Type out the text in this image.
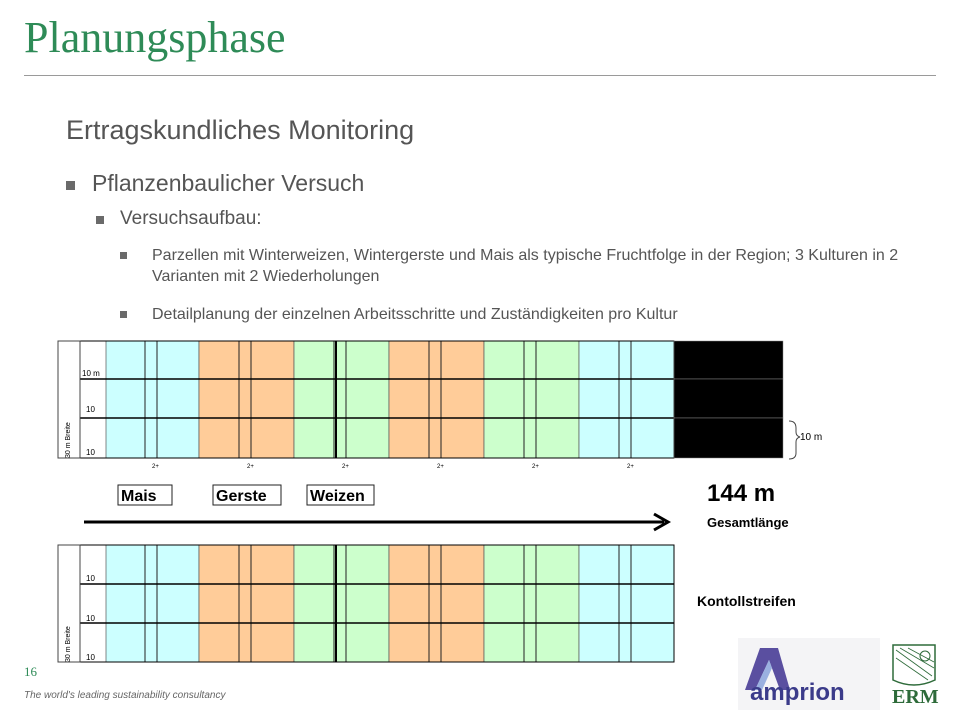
Planungsphase
Ertragskundliches Monitoring
Pflanzenbaulicher Versuch
Versuchsaufbau:
Parzellen mit Winterweizen, Wintergerste und Mais als typische Fruchtfolge in der Region; 3 Kulturen in 2 Varianten mit 2 Wiederholungen
Detailplanung der einzelnen Arbeitsschritte und Zuständigkeiten pro Kultur
Erdkabel
Baustrasse
Erdkabel	10 m
30 m Breite
10 m
10
10
2+	2+	2+	2+	2+	2+
Mais	Gerste	Weizen	144 m
Gesamtlänge
30 m Breite
10
10
10
Kontollstreifen
amprion ERM
16
The world's leading sustainability consultancy
